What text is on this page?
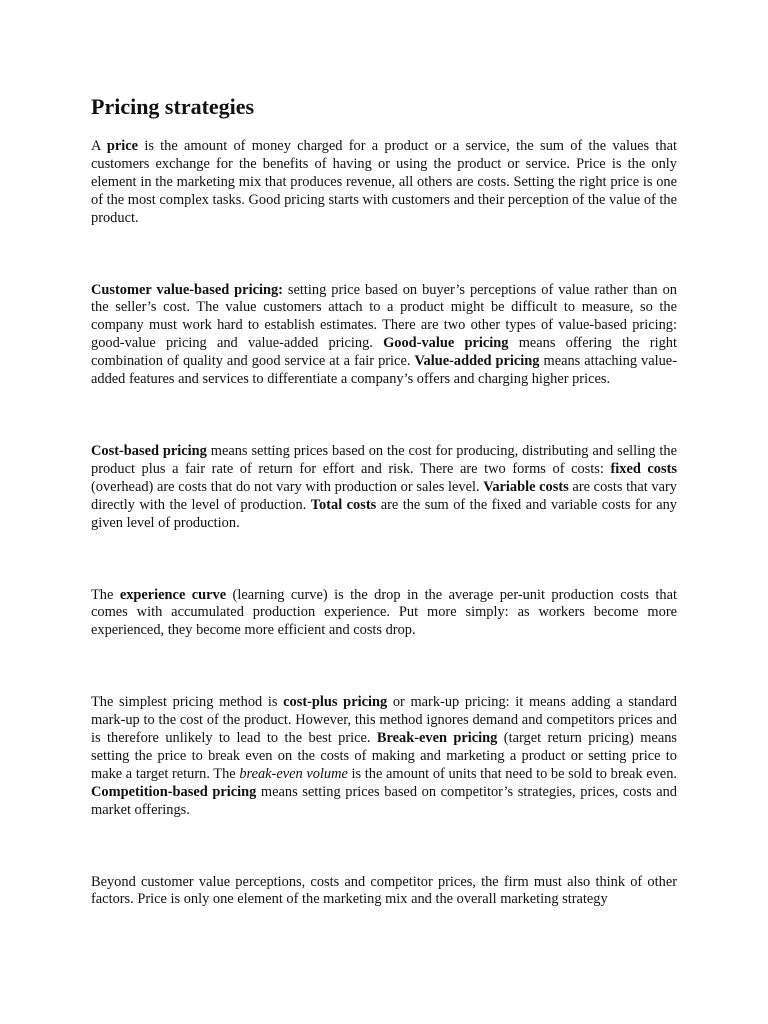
Pricing strategies

A price is the amount of money charged for a product or a service, the sum of the values that customers exchange for the benefits of having or using the product or service. Price is the only element in the marketing mix that produces revenue, all others are costs. Setting the right price is one of the most complex tasks. Good pricing starts with customers and their perception of the value of the product.

Customer value-based pricing: setting price based on buyer’s perceptions of value rather than on the seller’s cost. The value customers attach to a product might be difficult to measure, so the company must work hard to establish estimates. There are two other types of value-based pricing: good-value pricing and value-added pricing. Good-value pricing means offering the right combination of quality and good service at a fair price. Value-added pricing means attaching value-added features and services to differentiate a company’s offers and charging higher prices.

Cost-based pricing means setting prices based on the cost for producing, distributing and selling the product plus a fair rate of return for effort and risk. There are two forms of costs: fixed costs (overhead) are costs that do not vary with production or sales level. Variable costs are costs that vary directly with the level of production. Total costs are the sum of the fixed and variable costs for any given level of production.

The experience curve (learning curve) is the drop in the average per-unit production costs that comes with accumulated production experience. Put more simply: as workers become more experienced, they become more efficient and costs drop.

The simplest pricing method is cost-plus pricing or mark-up pricing: it means adding a standard mark-up to the cost of the product. However, this method ignores demand and competitors prices and is therefore unlikely to lead to the best price. Break-even pricing (target return pricing) means setting the price to break even on the costs of making and marketing a product or setting price to make a target return. The break-even volume is the amount of units that need to be sold to break even. Competition-based pricing means setting prices based on competitor’s strategies, prices, costs and market offerings.

Beyond customer value perceptions, costs and competitor prices, the firm must also think of other factors. Price is only one element of the marketing mix and the overall marketing strategy
